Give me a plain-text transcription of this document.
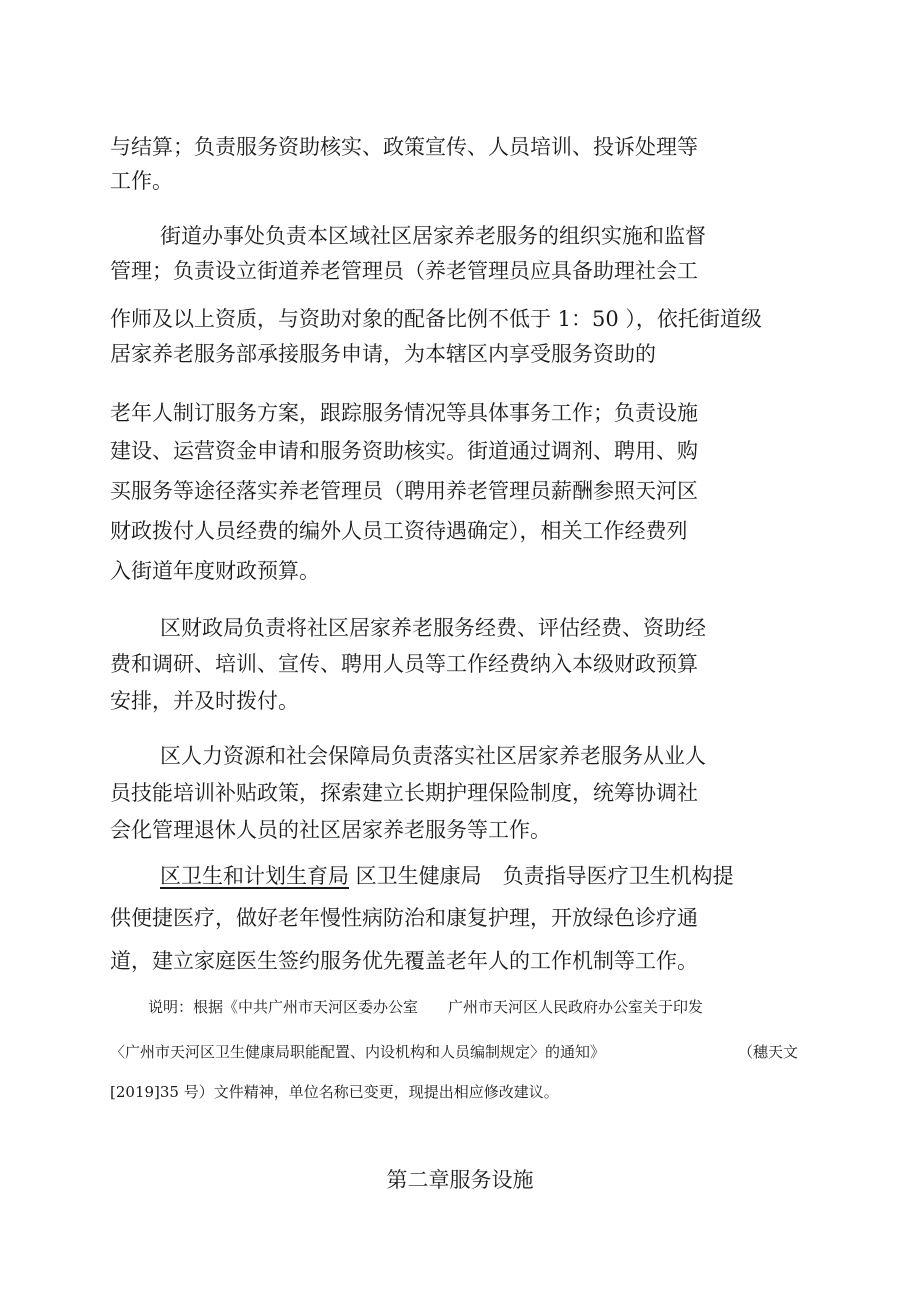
与结算；负责服务资助核实、政策宣传、人员培训、投诉处理等
工作。
街道办事处负责本区域社区居家养老服务的组织实施和监督
管理；负责设立街道养老管理员（养老管理员应具备助理社会工
作师及以上资质，与资助对象的配备比例不低于 1：50 ），依托街道级
居家养老服务部承接服务申请，为本辖区内享受服务资助的
老年人制订服务方案，跟踪服务情况等具体事务工作；负责设施
建设、运营资金申请和服务资助核实。街道通过调剂、聘用、购
买服务等途径落实养老管理员（聘用养老管理员薪酬参照天河区
财政拨付人员经费的编外人员工资待遇确定），相关工作经费列
入街道年度财政预算。
区财政局负责将社区居家养老服务经费、评估经费、资助经
费和调研、培训、宣传、聘用人员等工作经费纳入本级财政预算
安排，并及时拨付。
区人力资源和社会保障局负责落实社区居家养老服务从业人
员技能培训补贴政策，探索建立长期护理保险制度，统筹协调社
会化管理退休人员的社区居家养老服务等工作。
区卫生和计划生育局 区卫生健康局　负责指导医疗卫生机构提
供便捷医疗，做好老年慢性病防治和康复护理，开放绿色诊疗通
道，建立家庭医生签约服务优先覆盖老年人的工作机制等工作。
说明：根据《中共广州市天河区委办公室　　广州市天河区人民政府办公室关于印发
〈广州市天河区卫生健康局职能配置、内设机构和人员编制规定〉的通知》	（穗天文
[2019]35 号）文件精神，单位名称已变更，现提出相应修改建议。
第二章服务设施
